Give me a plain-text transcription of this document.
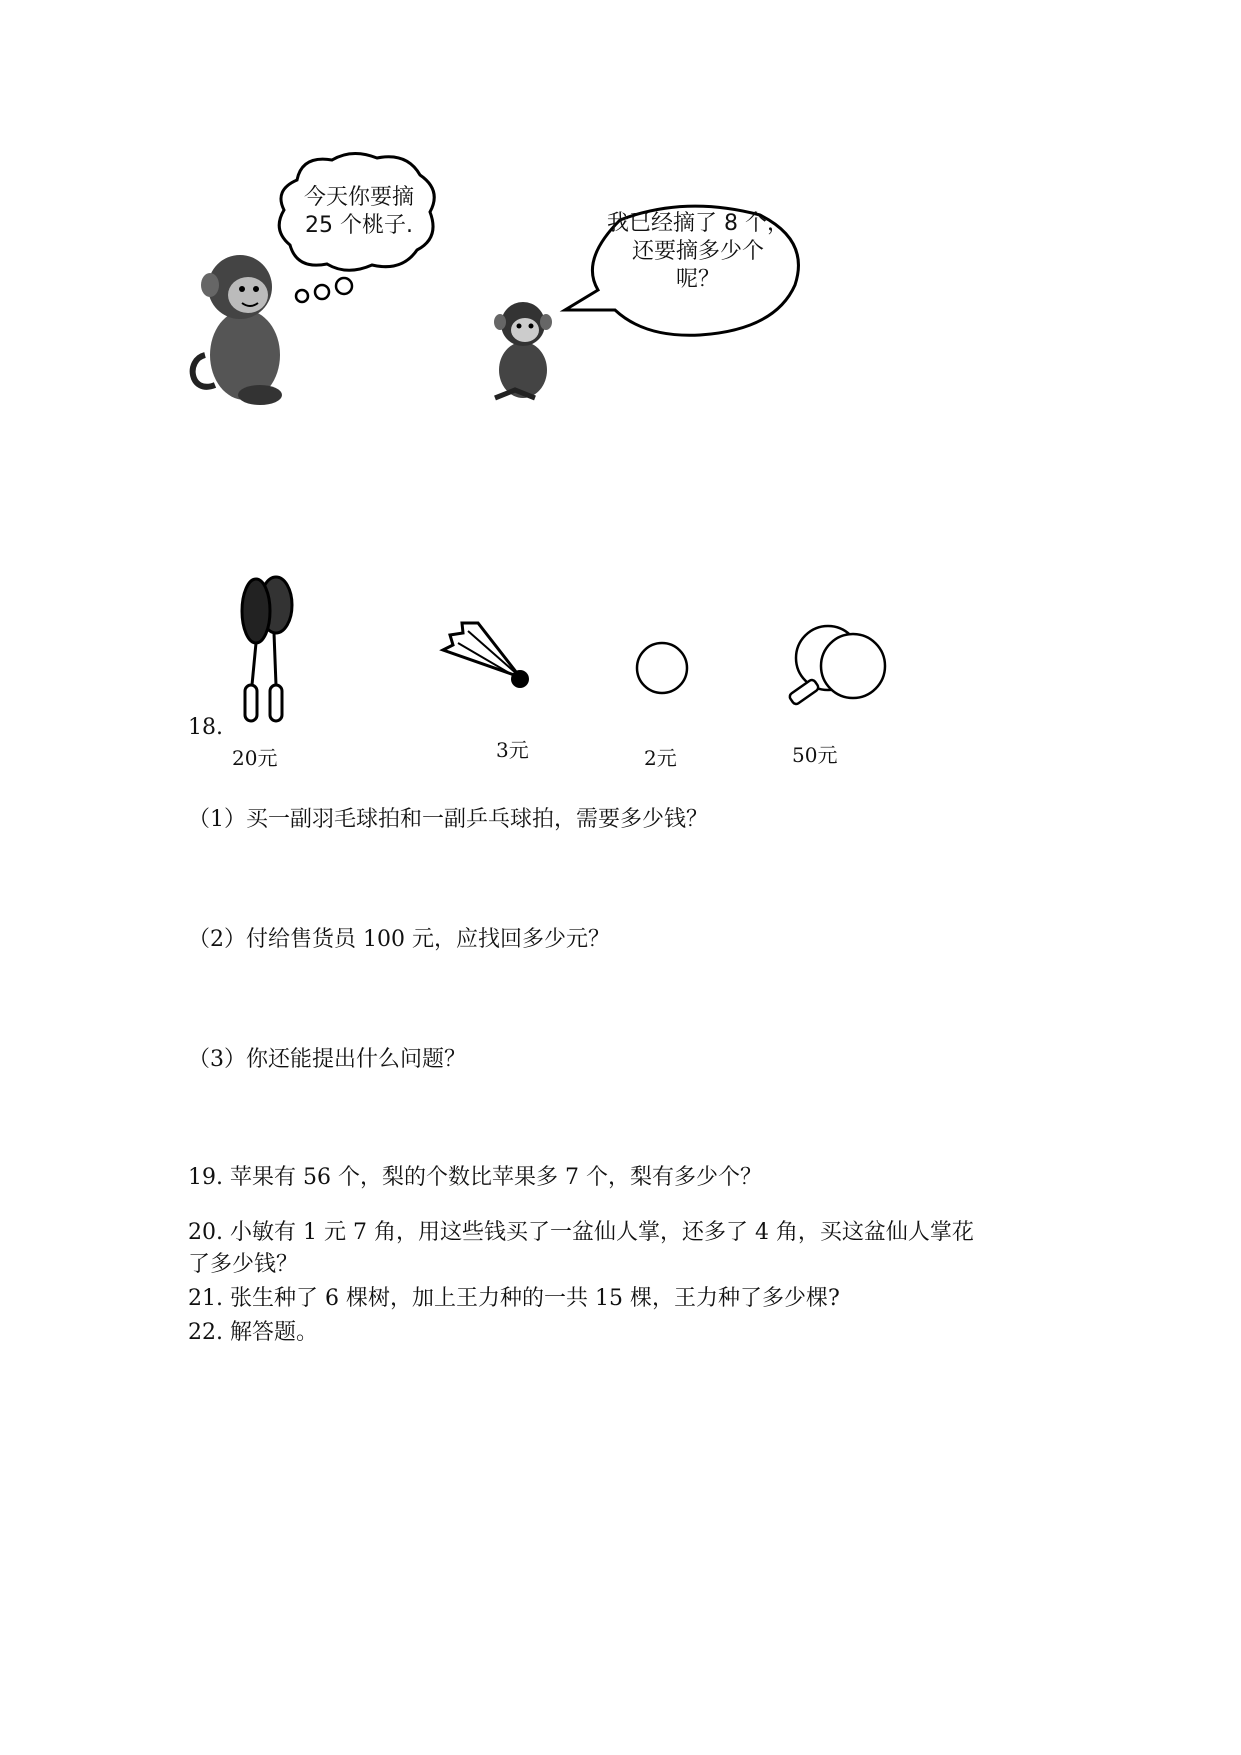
今天你要摘
25 个桃子.	我已经摘了 8 个，
还要摘多少个
呢？
18.
20元	3元	2元	50元
（1）买一副羽毛球拍和一副乒乓球拍，需要多少钱？
（2）付给售货员 100 元，应找回多少元？
（3）你还能提出什么问题？
19. 苹果有 56 个，梨的个数比苹果多 7 个，梨有多少个？
20. 小敏有 1 元 7 角，用这些钱买了一盆仙人掌，还多了 4 角，买这盆仙人掌花
了多少钱？
21. 张生种了 6 棵树，加上王力种的一共 15 棵，王力种了多少棵?
22. 解答题。
